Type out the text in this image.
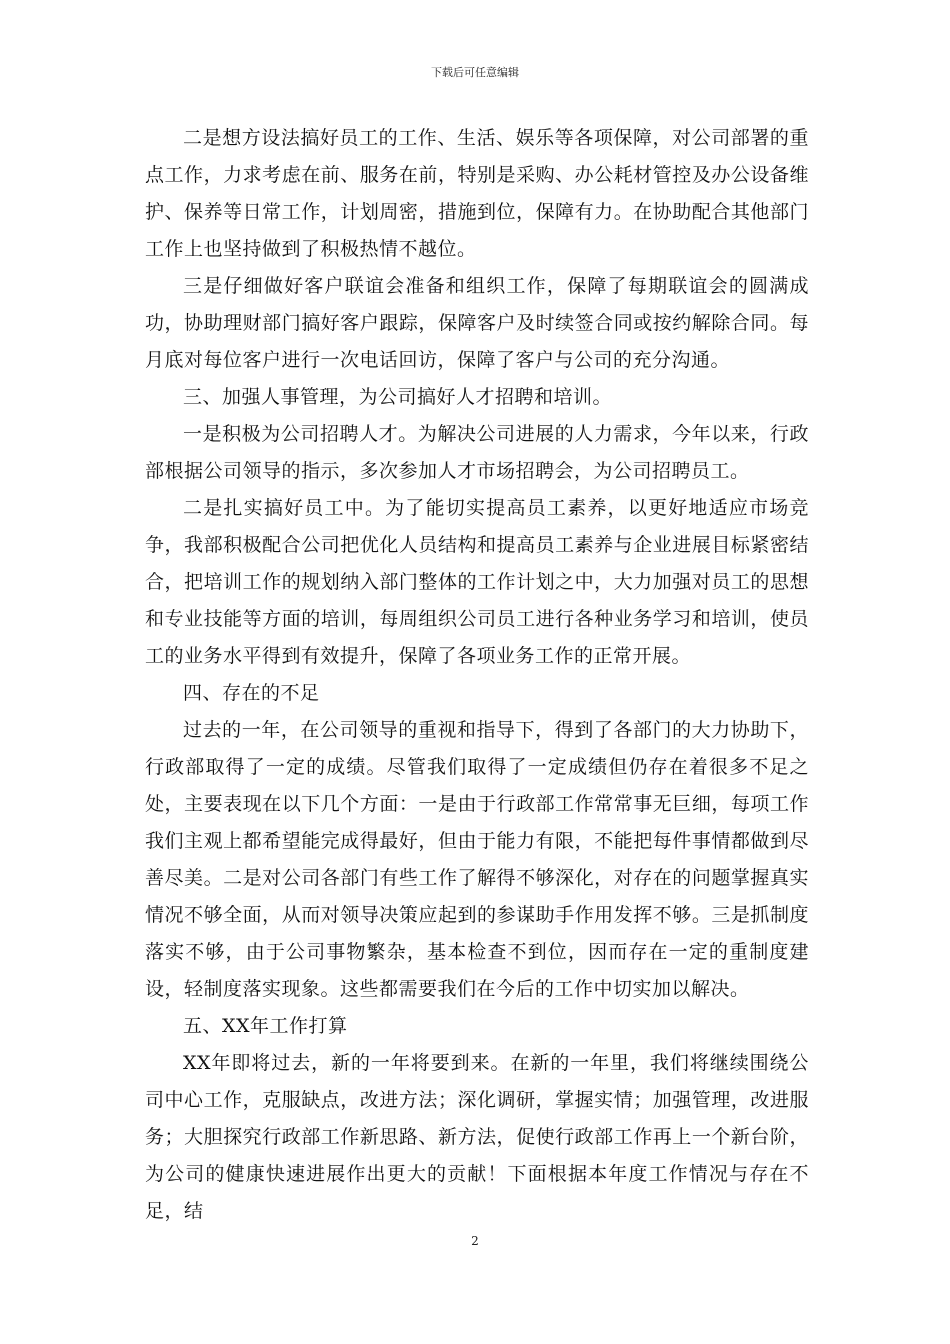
下载后可任意编辑

二是想方设法搞好员工的工作、生活、娱乐等各项保障，对公司部署的重点工作，力求考虑在前、服务在前，特别是采购、办公耗材管控及办公设备维护、保养等日常工作，计划周密，措施到位，保障有力。在协助配合其他部门工作上也坚持做到了积极热情不越位。

三是仔细做好客户联谊会准备和组织工作，保障了每期联谊会的圆满成功，协助理财部门搞好客户跟踪，保障客户及时续签合同或按约解除合同。每月底对每位客户进行一次电话回访，保障了客户与公司的充分沟通。

三、加强人事管理，为公司搞好人才招聘和培训。

一是积极为公司招聘人才。为解决公司进展的人力需求，今年以来，行政部根据公司领导的指示，多次参加人才市场招聘会，为公司招聘员工。

二是扎实搞好员工中。为了能切实提高员工素养，以更好地适应市场竞争，我部积极配合公司把优化人员结构和提高员工素养与企业进展目标紧密结合，把培训工作的规划纳入部门整体的工作计划之中，大力加强对员工的思想和专业技能等方面的培训，每周组织公司员工进行各种业务学习和培训，使员工的业务水平得到有效提升，保障了各项业务工作的正常开展。

四、存在的不足

过去的一年，在公司领导的重视和指导下，得到了各部门的大力协助下，行政部取得了一定的成绩。尽管我们取得了一定成绩但仍存在着很多不足之处，主要表现在以下几个方面：一是由于行政部工作常常事无巨细，每项工作我们主观上都希望能完成得最好，但由于能力有限，不能把每件事情都做到尽善尽美。二是对公司各部门有些工作了解得不够深化，对存在的问题掌握真实情况不够全面，从而对领导决策应起到的参谋助手作用发挥不够。三是抓制度落实不够，由于公司事物繁杂，基本检查不到位，因而存在一定的重制度建设，轻制度落实现象。这些都需要我们在今后的工作中切实加以解决。

五、XX年工作打算

XX年即将过去，新的一年将要到来。在新的一年里，我们将继续围绕公司中心工作，克服缺点，改进方法；深化调研，掌握实情；加强管理，改进服务；大胆探究行政部工作新思路、新方法，促使行政部工作再上一个新台阶，为公司的健康快速进展作出更大的贡献！下面根据本年度工作情况与存在不足，结

2
